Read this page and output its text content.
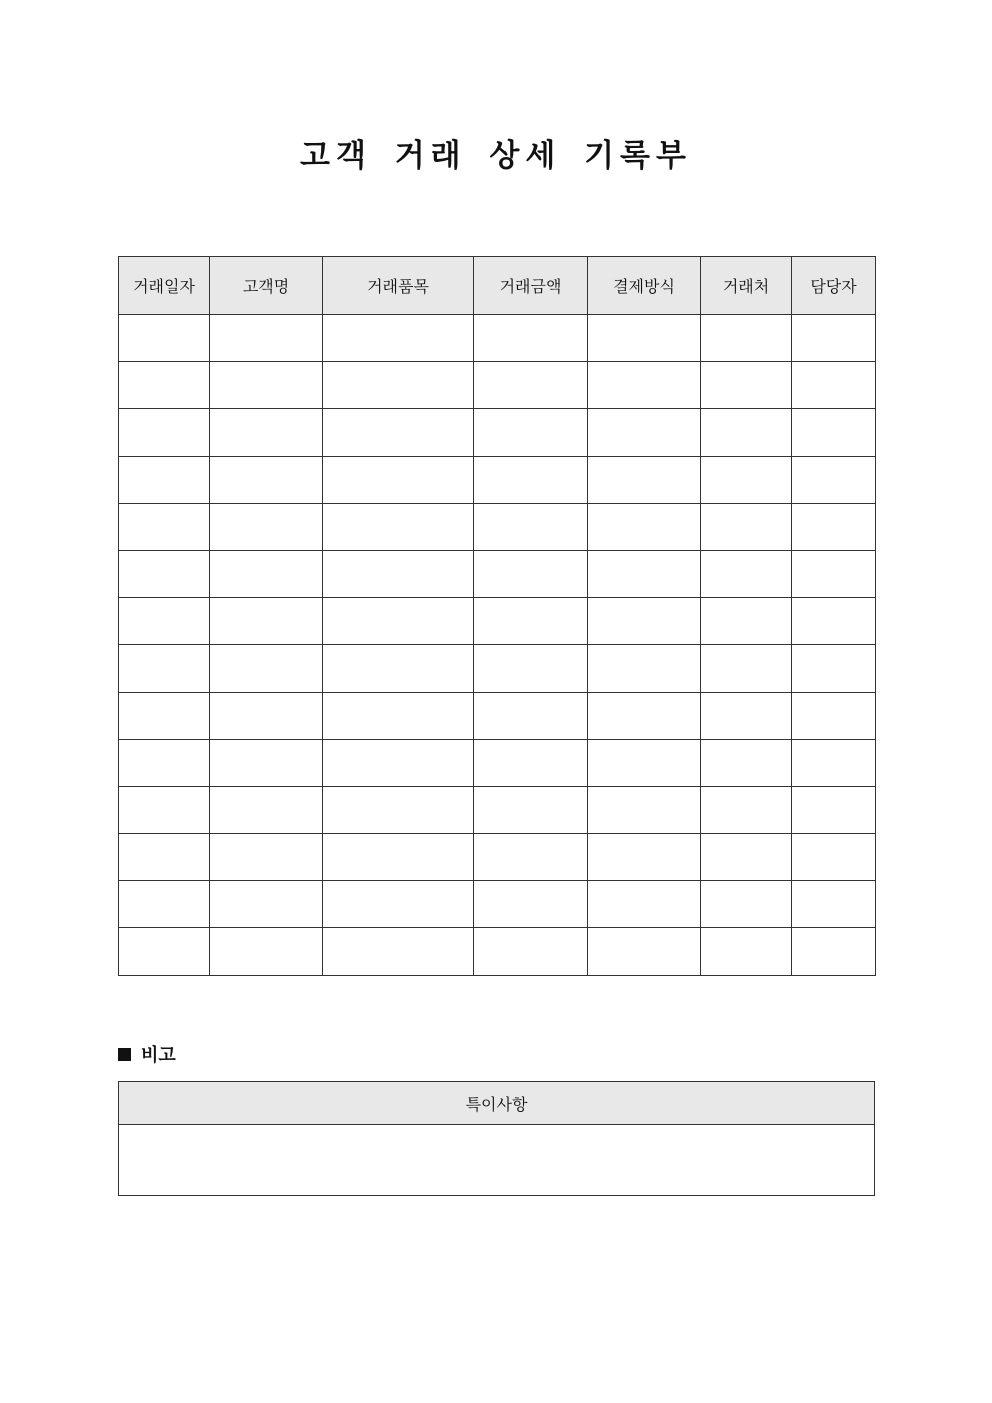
고객 거래 상세 기록부
거래일자	고객명	거래품목	거래금액	결제방식	거래처	담당자

비고
특이사항
